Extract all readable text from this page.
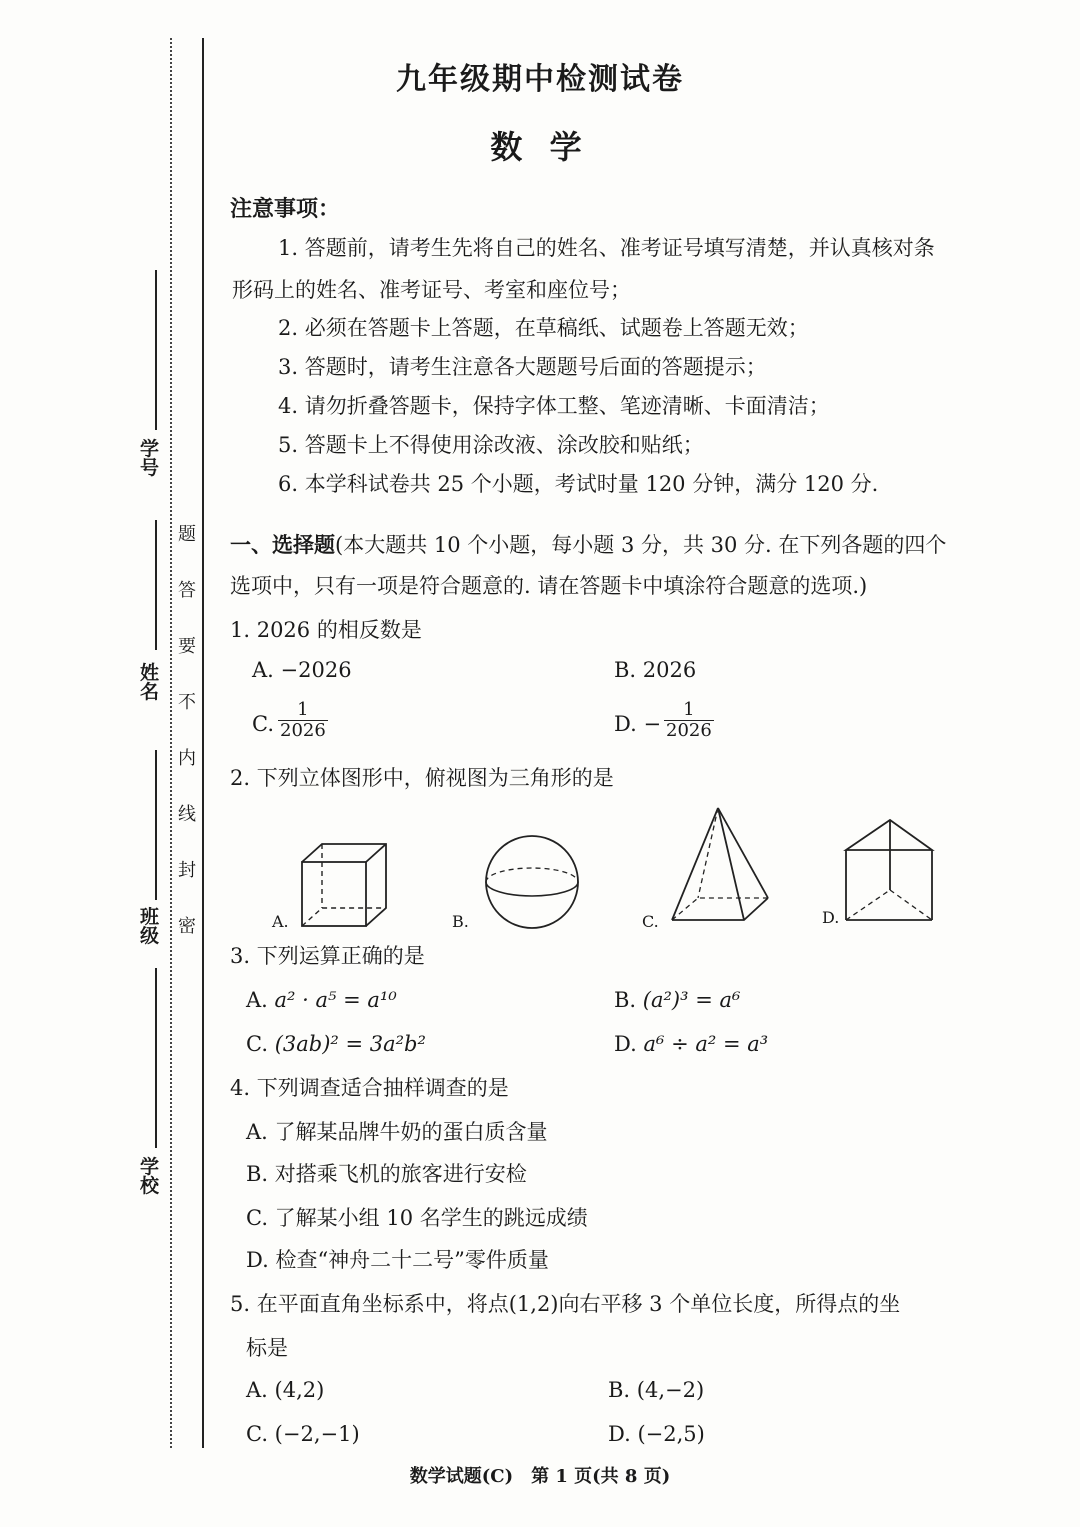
学 号
姓 名
班 级
学 校
密
封
线
内
不
要
答
题
九年级期中检测试卷
数 学
注意事项：
1. 答题前，请考生先将自己的姓名、准考证号填写清楚，并认真核对条
形码上的姓名、准考证号、考室和座位号；
2. 必须在答题卡上答题，在草稿纸、试题卷上答题无效；
3. 答题时，请考生注意各大题题号后面的答题提示；
4. 请勿折叠答题卡，保持字体工整、笔迹清晰、卡面清洁；
5. 答题卡上不得使用涂改液、涂改胶和贴纸；
6. 本学科试卷共 25 个小题，考试时量 120 分钟，满分 120 分.
一、选择题(本大题共 10 个小题，每小题 3 分，共 30 分. 在下列各题的四个
选项中，只有一项是符合题意的. 请在答题卡中填涂符合题意的选项.)
1. 2026 的相反数是
A. −2026	B. 2026
C. $\frac{1}{2026}$	D. − $\frac{1}{2026}$
2. 下列立体图形中，俯视图为三角形的是
A.	B.	C.	D.
3. 下列运算正确的是
A. a² · a⁵ = a¹⁰	B. (a²)³ = a⁶
C. (3ab)² = 3a²b²	D. a⁶ ÷ a² = a³
4. 下列调查适合抽样调查的是
A. 了解某品牌牛奶的蛋白质含量
B. 对搭乘飞机的旅客进行安检
C. 了解某小组 10 名学生的跳远成绩
D. 检查“神舟二十二号”零件质量
5. 在平面直角坐标系中，将点(1,2)向右平移 3 个单位长度，所得点的坐
标是
A. (4,2)	B. (4,−2)
C. (−2,−1)	D. (−2,5)
数学试题(C)　第 1 页(共 8 页)
